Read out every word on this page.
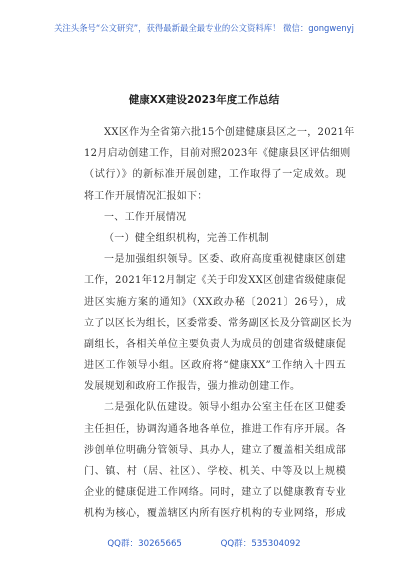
关注头条号“公文研究”，获得最新最全最专业的公文资料库！ 微信：gongwenyj
健康XX建设2023年度工作总结
XX区作为全省第六批15个创建健康县区之一，2021年
12月启动创建工作，目前对照2023年《健康县区评估细则
（试行）》的新标准开展创建，工作取得了一定成效。现
将工作开展情况汇报如下：
一、工作开展情况
（一）健全组织机构，完善工作机制
一是加强组织领导。区委、政府高度重视健康区创建
工作，2021年12月制定《关于印发XX区创建省级健康促
进区实施方案的通知》（XX政办秘〔2021〕26号），成
立了以区长为组长，区委常委、常务副区长及分管副区长为
副组长，各相关单位主要负责人为成员的创建省级健康促
进区工作领导小组。区政府将“健康XX”工作纳入十四五
发展规划和政府工作报告，强力推动创建工作。
二是强化队伍建设。领导小组办公室主任在区卫健委
主任担任，协调沟通各地各单位，推进工作有序开展。各
涉创单位明确分管领导、具办人，建立了覆盖相关组成部
门、镇、村（居、社区）、学校、机关、中等及以上规模
企业的健康促进工作网络。同时，建立了以健康教育专业
机构为核心，覆盖辖区内所有医疗机构的专业网络，形成
QQ群：30265665	QQ群：535304092
